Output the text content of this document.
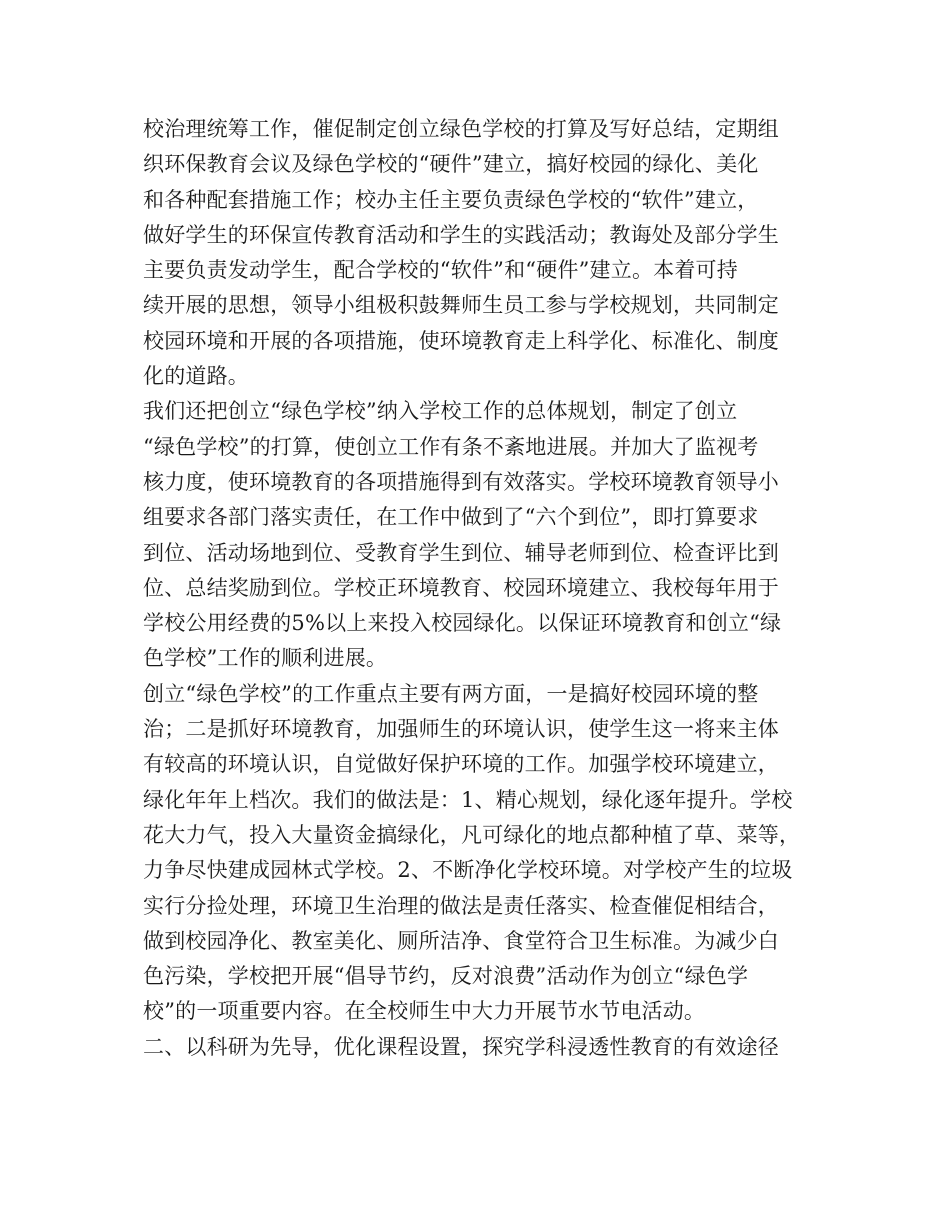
校治理统筹工作，催促制定创立绿色学校的打算及写好总结，定期组
织环保教育会议及绿色学校的“硬件”建立，搞好校园的绿化、美化
和各种配套措施工作；校办主任主要负责绿色学校的“软件”建立，
做好学生的环保宣传教育活动和学生的实践活动；教诲处及部分学生
主要负责发动学生，配合学校的“软件”和“硬件”建立。本着可持
续开展的思想，领导小组极积鼓舞师生员工参与学校规划，共同制定
校园环境和开展的各项措施，使环境教育走上科学化、标准化、制度
化的道路。
我们还把创立“绿色学校”纳入学校工作的总体规划，制定了创立
“绿色学校”的打算，使创立工作有条不紊地进展。并加大了监视考
核力度，使环境教育的各项措施得到有效落实。学校环境教育领导小
组要求各部门落实责任，在工作中做到了“六个到位”，即打算要求
到位、活动场地到位、受教育学生到位、辅导老师到位、检查评比到
位、总结奖励到位。学校正环境教育、校园环境建立、我校每年用于
学校公用经费的5%以上来投入校园绿化。以保证环境教育和创立“绿
色学校”工作的顺利进展。
创立“绿色学校”的工作重点主要有两方面，一是搞好校园环境的整
治；二是抓好环境教育，加强师生的环境认识，使学生这一将来主体
有较高的环境认识，自觉做好保护环境的工作。加强学校环境建立，
绿化年年上档次。我们的做法是：1、精心规划，绿化逐年提升。学校
花大力气，投入大量资金搞绿化，凡可绿化的地点都种植了草、菜等，
力争尽快建成园林式学校。2、不断净化学校环境。对学校产生的垃圾
实行分捡处理，环境卫生治理的做法是责任落实、检查催促相结合，
做到校园净化、教室美化、厕所洁净、食堂符合卫生标准。为减少白
色污染，学校把开展“倡导节约，反对浪费”活动作为创立“绿色学
校”的一项重要内容。在全校师生中大力开展节水节电活动。
二、以科研为先导，优化课程设置，探究学科浸透性教育的有效途径
